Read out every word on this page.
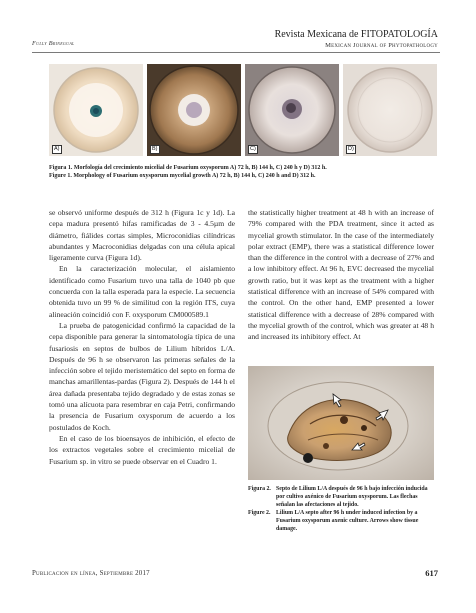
Fully Brinegual
Revista Mexicana de FITOPATOLOGÍA
Mexican Journal of Phytopathology
A)	B)	C)	D)
Figura 1. Morfología del crecimiento micelial de Fusarium oxysporum A) 72 h, B) 144 h, C) 240 h y D) 312 h.
Figure 1. Morphology of Fusarium oxysporum mycelial growth A) 72 h, B) 144 h, C) 240 h and D) 312 h.

se observó uniforme después de 312 h (Figura 1c y 1d). La cepa madura presentó hifas ramificadas de 3 - 4.5µm de diámetro, fiálides cortas simples, Microconidias cilíndricas abundantes y Macroconidias delgadas con una célula apical ligeramente curva (Figura 1d).

En la caracterización molecular, el aislamiento identificado como Fusarium tuvo una talla de 1040 pb que concuerda con la talla esperada para la especie. La secuencia obtenida tuvo un 99 % de similitud con la región ITS, cuya alineación coincidió con F. oxysporum CM000589.1

La prueba de patogenicidad confirmó la capacidad de la cepa disponible para generar la sintomatología típica de una fusariosis en septos de bulbos de Lilium híbridos L/A. Después de 96 h se observaron las primeras señales de la infección sobre el tejido meristemático del septo en forma de manchas amarillentas-pardas (Figura 2). Después de 144 h el área dañada presentaba tejido degradado y de estas zonas se tomó una alícuota para resembrar en caja Petri, confirmando la presencia de Fusarium oxysporum de acuerdo a los postulados de Koch.

En el caso de los bioensayos de inhibición, el efecto de los extractos vegetales sobre el crecimiento micelial de Fusarium sp. in vitro se puede observar en el Cuadro 1.

the statistically higher treatment at 48 h with an increase of 79% compared with the PDA treatment, since it acted as mycelial growth stimulator. In the case of the intermediately polar extract (EMP), there was a statistical difference lower than the difference in the control with a decrease of 27% and a low inhibitory effect. At 96 h, EVC decreased the mycelial growth ratio, but it was kept as the treatment with a higher statistical difference with an increase of 54% compared with the control. On the other hand, EMP presented a lower statistical difference with a decrease of 28% compared with the mycelial growth of the control, which was greater at 48 h and increased its inhibitory effect. At

Figura 2. Septo de Lilium L/A después de 96 h bajo infección inducida por cultivo axénico de Fusarium oxysporum. Las flechas señalan las afectaciones al tejido.
Figure 2. Lilium L/A septo after 96 h under induced infection by a Fusarium oxysporum axenic culture. Arrows show tissue damage.
Publicacion en línea, Septiembre 2017	617
